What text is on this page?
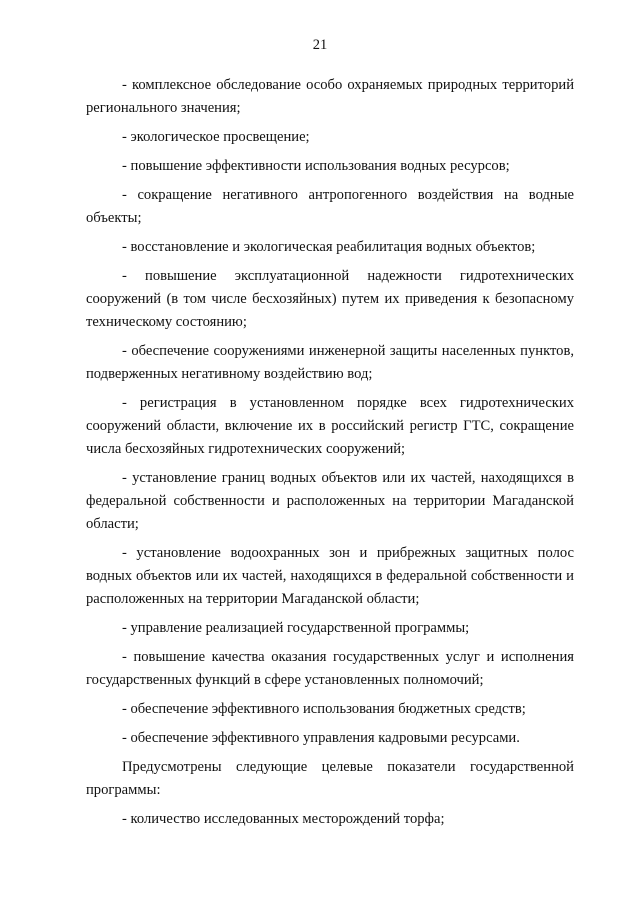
21

- комплексное обследование особо охраняемых природных территорий регионального значения;

- экологическое просвещение;

- повышение эффективности использования водных ресурсов;

- сокращение негативного антропогенного воздействия на водные объекты;

- восстановление и экологическая реабилитация водных объектов;

- повышение эксплуатационной надежности гидротехнических сооружений (в том числе бесхозяйных) путем их приведения к безопасному техническому состоянию;

- обеспечение сооружениями инженерной защиты населенных пунктов, подверженных негативному воздействию вод;

- регистрация в установленном порядке всех гидротехнических сооружений области, включение их в российский регистр ГТС, сокращение числа бесхозяйных гидротехнических сооружений;

- установление границ водных объектов или их частей, находящихся в федеральной собственности и расположенных на территории Магаданской области;

- установление водоохранных зон и прибрежных защитных полос водных объектов или их частей, находящихся в федеральной собственности и расположенных на территории Магаданской области;

- управление реализацией государственной программы;

- повышение качества оказания государственных услуг и исполнения государственных функций в сфере установленных полномочий;

- обеспечение эффективного использования бюджетных средств;

- обеспечение эффективного управления кадровыми ресурсами.

Предусмотрены следующие целевые показатели государственной программы:

- количество исследованных месторождений торфа;
